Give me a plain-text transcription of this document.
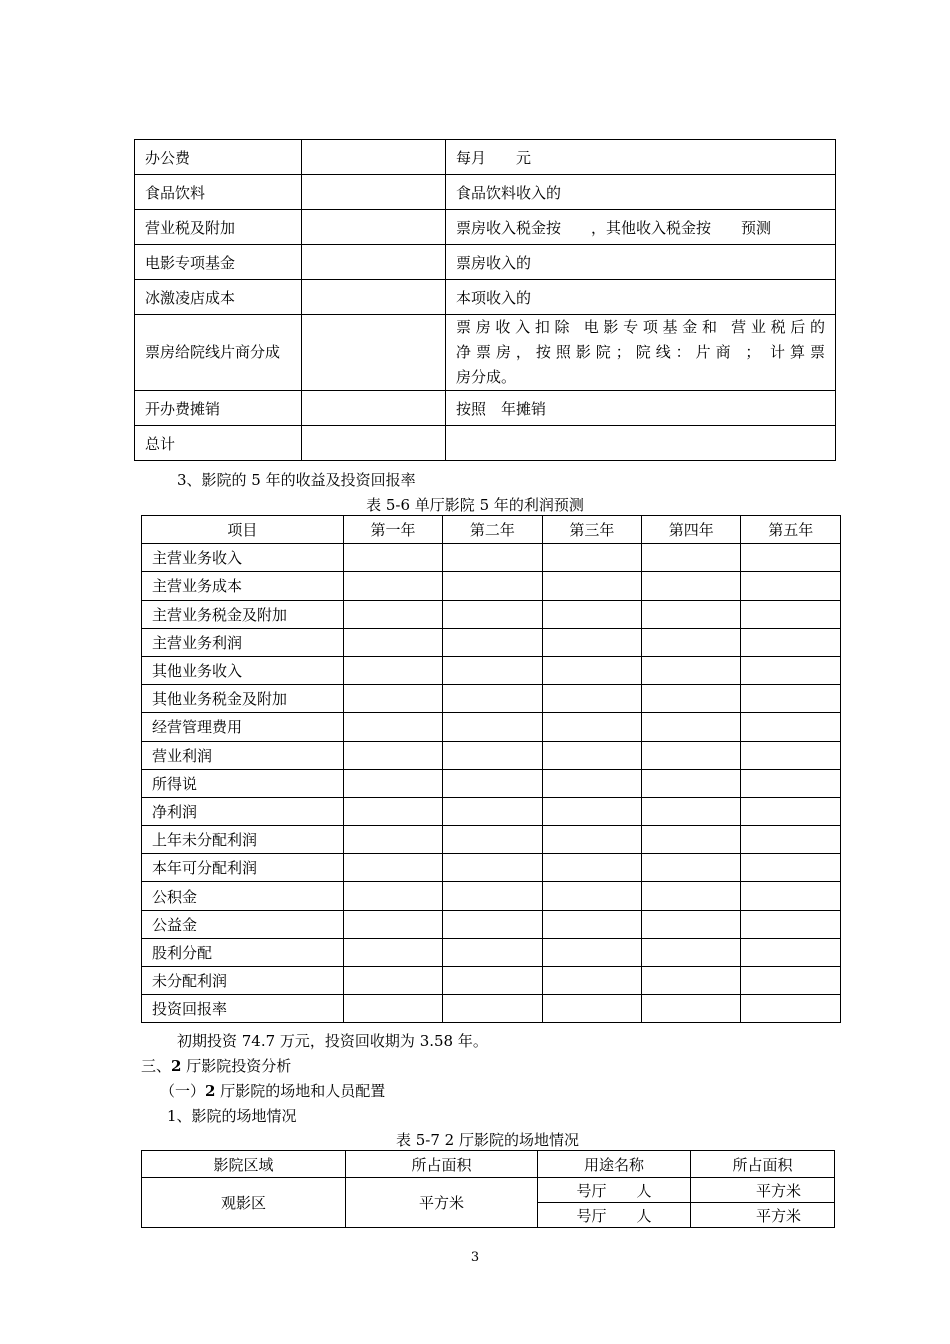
办公费		每月 元
食品饮料		食品饮料收入的
营业税及附加		票房收入税金按 ，其他收入税金按 预测
电影专项基金		票房收入的
冰激凌店成本		本项收入的
票房给院线片商分成		票房收入扣除 电影专项基金和 营业税后的
净票房，按照影院；院线：片商 ； 计算票
房分成。

开办费摊销		按照 年摊销
总计		
3、影院的 5 年的收益及投资回报率
表 5-6 单厅影院 5 年的利润预测
项目	第一年	第二年	第三年	第四年	第五年
主营业务收入					
主营业务成本					
主营业务税金及附加					
主营业务利润					
其他业务收入					
其他业务税金及附加					
经营管理费用					
营业利润					
所得说					
净利润					
上年未分配利润					
本年可分配利润					
公积金					
公益金					
股利分配					
未分配利润					
投资回报率					
初期投资 74.7 万元，投资回收期为 3.58 年。
三、2 厅影院投资分析
（一）2 厅影院的场地和人员配置
1、影院的场地情况
表 5-7 2 厅影院的场地情况
影院区域	所占面积	用途名称	所占面积
观影区	平方米	号厅 人	平方米
		号厅 人	平方米
3
